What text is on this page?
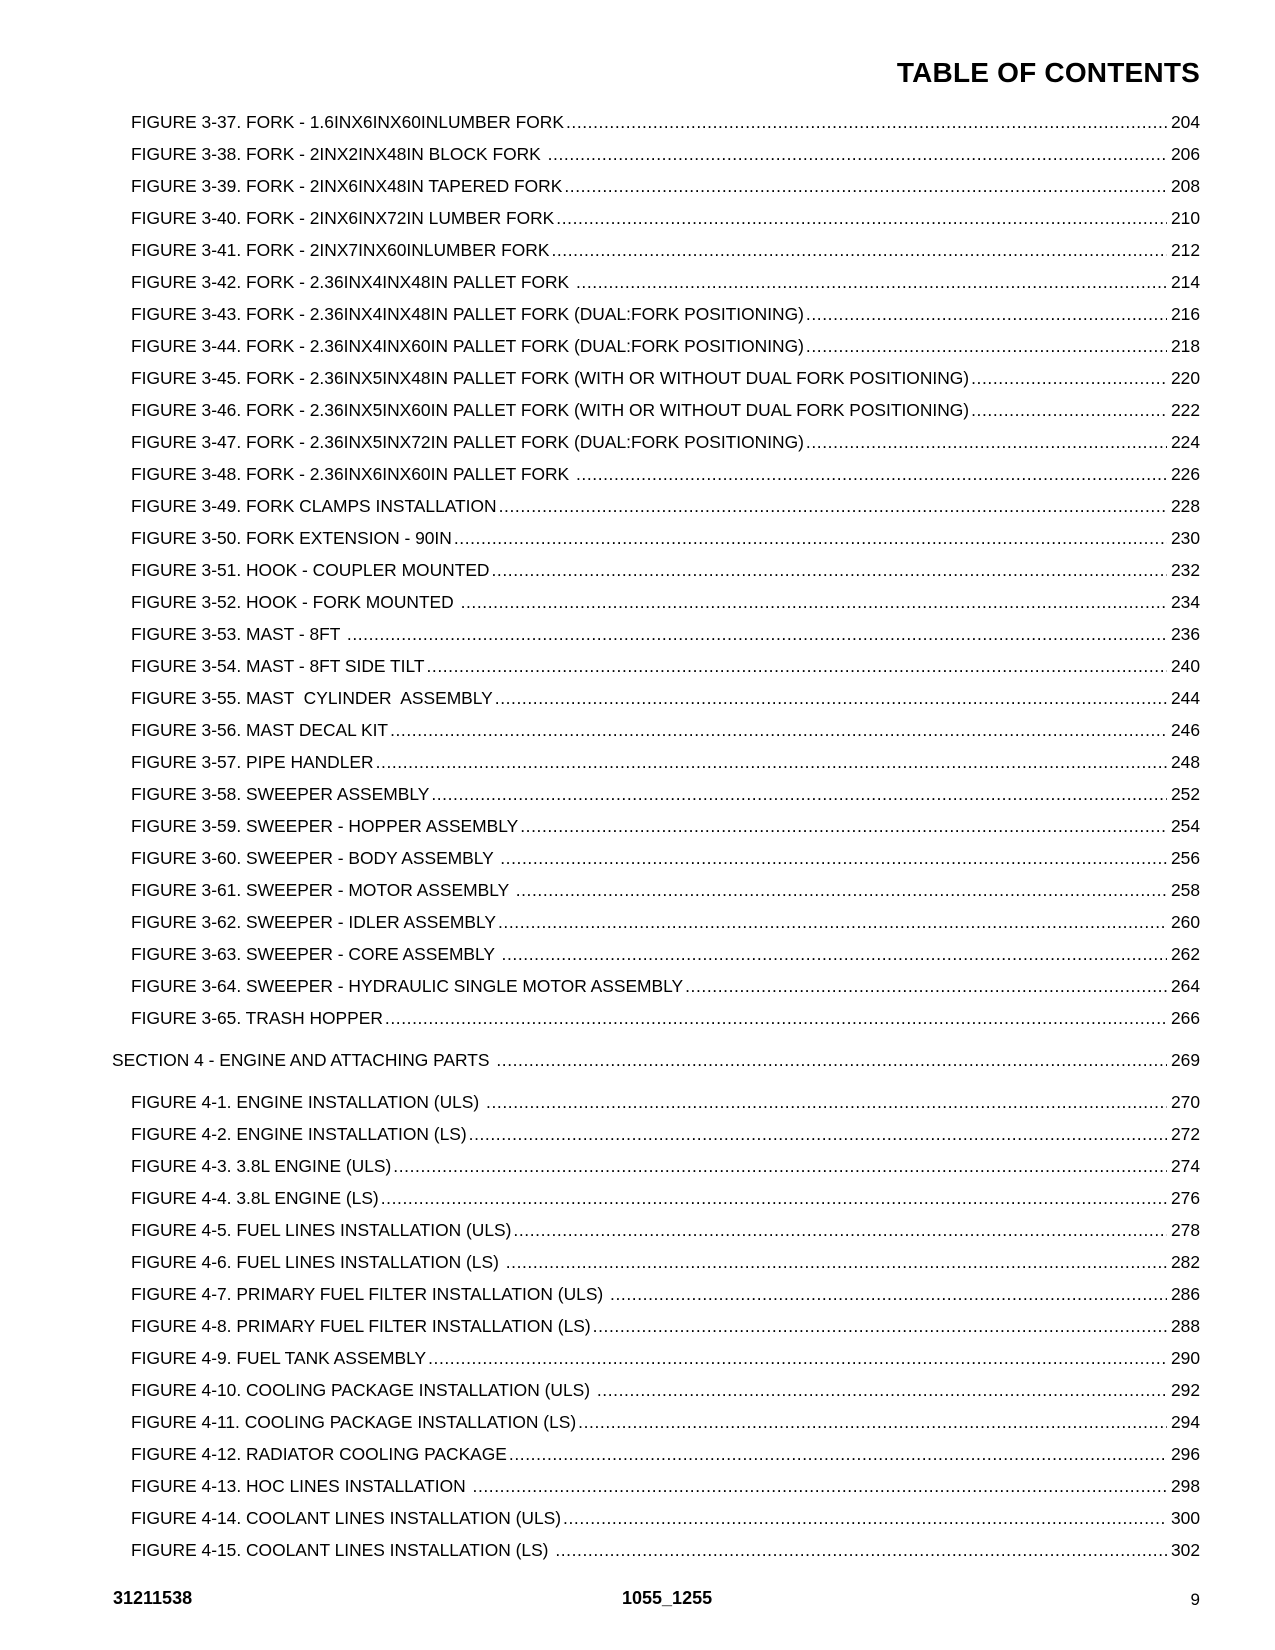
TABLE OF CONTENTS
FIGURE 3-37. FORK - 1.6INX6INX60INLUMBER FORK .....	204
FIGURE 3-38. FORK - 2INX2INX48IN BLOCK FORK .....	206
FIGURE 3-39. FORK - 2INX6INX48IN TAPERED FORK .....	208
FIGURE 3-40. FORK - 2INX6INX72IN LUMBER FORK .....	210
FIGURE 3-41. FORK - 2INX7INX60INLUMBER FORK .....	212
FIGURE 3-42. FORK - 2.36INX4INX48IN PALLET FORK .....	214
FIGURE 3-43. FORK - 2.36INX4INX48IN PALLET FORK (DUAL:FORK POSITIONING) .....	216
FIGURE 3-44. FORK - 2.36INX4INX60IN PALLET FORK (DUAL:FORK POSITIONING) .....	218
FIGURE 3-45. FORK - 2.36INX5INX48IN PALLET FORK (WITH OR WITHOUT DUAL FORK POSITIONING) .....	220
FIGURE 3-46. FORK - 2.36INX5INX60IN PALLET FORK (WITH OR WITHOUT DUAL FORK POSITIONING) .....	222
FIGURE 3-47. FORK - 2.36INX5INX72IN PALLET FORK (DUAL:FORK POSITIONING) .....	224
FIGURE 3-48. FORK - 2.36INX6INX60IN PALLET FORK .....	226
FIGURE 3-49. FORK CLAMPS INSTALLATION .....	228
FIGURE 3-50. FORK EXTENSION - 90IN .....	230
FIGURE 3-51. HOOK - COUPLER MOUNTED .....	232
FIGURE 3-52. HOOK - FORK MOUNTED .....	234
FIGURE 3-53. MAST - 8FT .....	236
FIGURE 3-54. MAST - 8FT SIDE TILT .....	240
FIGURE 3-55. MAST  CYLINDER  ASSEMBLY .....	244
FIGURE 3-56. MAST DECAL KIT .....	246
FIGURE 3-57. PIPE HANDLER .....	248
FIGURE 3-58. SWEEPER ASSEMBLY .....	252
FIGURE 3-59. SWEEPER - HOPPER ASSEMBLY .....	254
FIGURE 3-60. SWEEPER - BODY ASSEMBLY .....	256
FIGURE 3-61. SWEEPER - MOTOR ASSEMBLY .....	258
FIGURE 3-62. SWEEPER - IDLER ASSEMBLY .....	260
FIGURE 3-63. SWEEPER - CORE ASSEMBLY .....	262
FIGURE 3-64. SWEEPER - HYDRAULIC SINGLE MOTOR ASSEMBLY .....	264
FIGURE 3-65. TRASH HOPPER .....	266
SECTION 4 - ENGINE AND ATTACHING PARTS .....	269
FIGURE 4-1. ENGINE INSTALLATION (ULS) .....	270
FIGURE 4-2. ENGINE INSTALLATION (LS) .....	272
FIGURE 4-3. 3.8L ENGINE (ULS) .....	274
FIGURE 4-4. 3.8L ENGINE (LS) .....	276
FIGURE 4-5. FUEL LINES INSTALLATION (ULS) .....	278
FIGURE 4-6. FUEL LINES INSTALLATION (LS) .....	282
FIGURE 4-7. PRIMARY FUEL FILTER INSTALLATION (ULS) .....	286
FIGURE 4-8. PRIMARY FUEL FILTER INSTALLATION (LS) .....	288
FIGURE 4-9. FUEL TANK ASSEMBLY .....	290
FIGURE 4-10. COOLING PACKAGE INSTALLATION (ULS) .....	292
FIGURE 4-11. COOLING PACKAGE INSTALLATION (LS) .....	294
FIGURE 4-12. RADIATOR COOLING PACKAGE .....	296
FIGURE 4-13. HOC LINES INSTALLATION .....	298
FIGURE 4-14. COOLANT LINES INSTALLATION (ULS) .....	300
FIGURE 4-15. COOLANT LINES INSTALLATION (LS) .....	302
31211538	1055_1255	9
